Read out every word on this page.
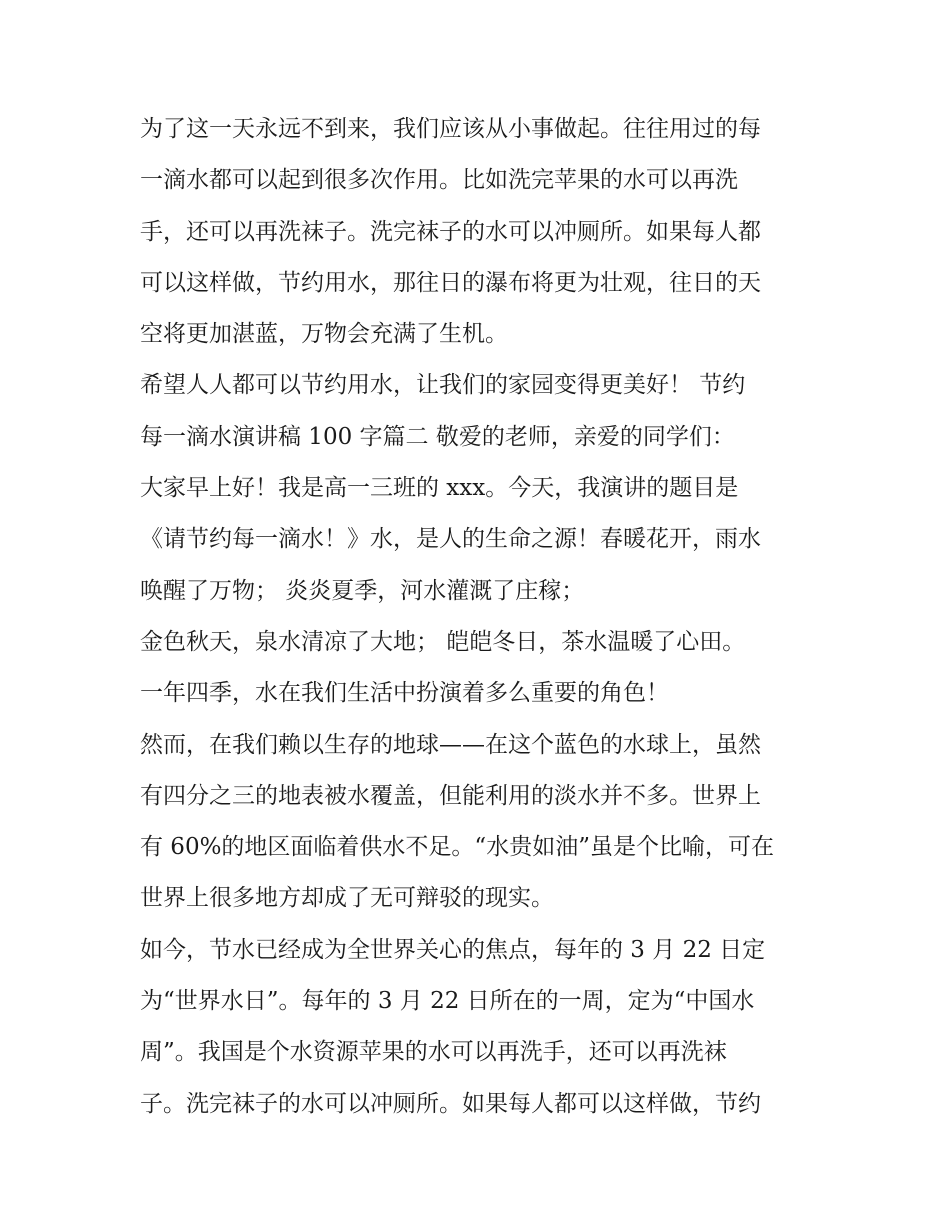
为了这一天永远不到来，我们应该从小事做起。往往用过的每
一滴水都可以起到很多次作用。比如洗完苹果的水可以再洗
手，还可以再洗袜子。洗完袜子的水可以冲厕所。如果每人都
可以这样做，节约用水，那往日的瀑布将更为壮观，往日的天
空将更加湛蓝，万物会充满了生机。
希望人人都可以节约用水，让我们的家园变得更美好！ 节约
每一滴水演讲稿 100 字篇二 敬爱的老师，亲爱的同学们：
大家早上好！我是高一三班的 xxx。今天，我演讲的题目是
《请节约每一滴水！》水，是人的生命之源！春暖花开，雨水
唤醒了万物； 炎炎夏季，河水灌溉了庄稼；
金色秋天，泉水清凉了大地； 皑皑冬日，茶水温暖了心田。
一年四季，水在我们生活中扮演着多么重要的角色！
然而，在我们赖以生存的地球——在这个蓝色的水球上，虽然
有四分之三的地表被水覆盖，但能利用的淡水并不多。世界上
有 60%的地区面临着供水不足。“水贵如油”虽是个比喻，可在
世界上很多地方却成了无可辩驳的现实。
如今，节水已经成为全世界关心的焦点，每年的 3 月 22 日定
为“世界水日”。每年的 3 月 22 日所在的一周，定为“中国水
周”。我国是个水资源苹果的水可以再洗手，还可以再洗袜
子。洗完袜子的水可以冲厕所。如果每人都可以这样做，节约
